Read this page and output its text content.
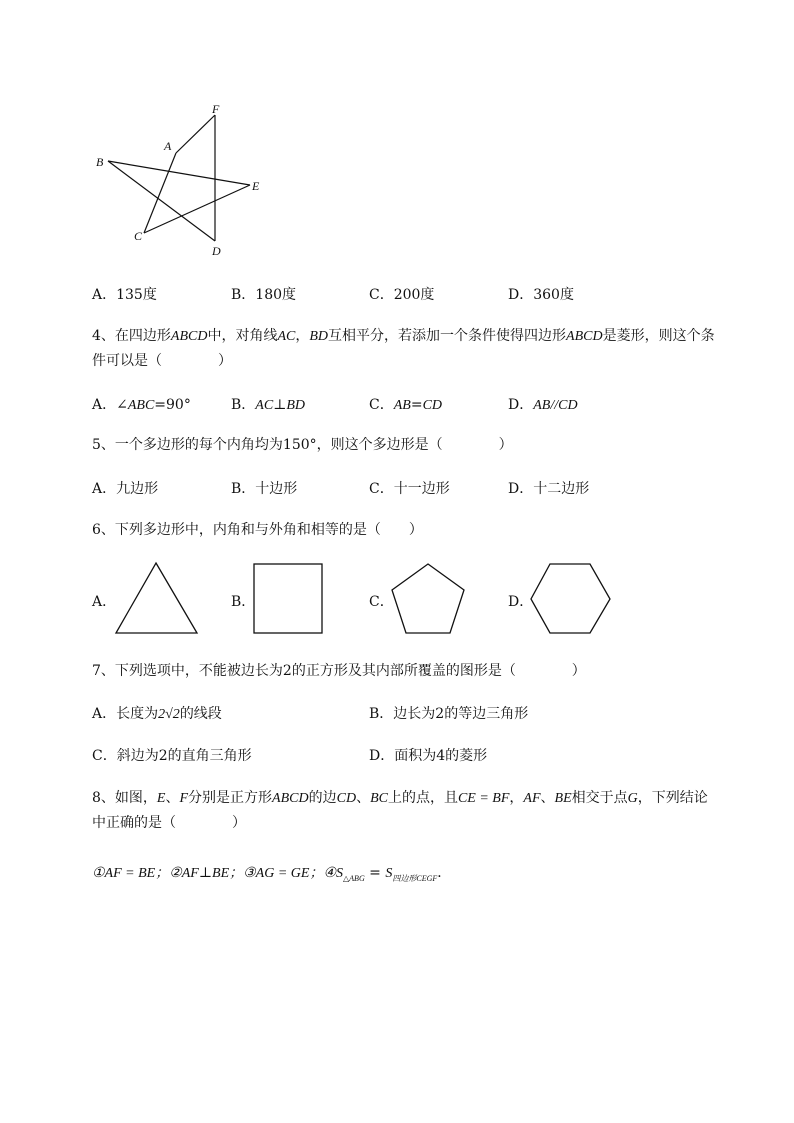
A
B
C
D
E
F
A．135度	B．180度	C．200度	D．360度
4、在四边形ABCD中，对角线AC，BD互相平分，若添加一个条件使得四边形ABCD是菱形，则这个条
件可以是（　　　　）
A．∠ABC=90°	B．AC⊥BD	C．AB=CD	D．AB//CD
5、一个多边形的每个内角均为150°，则这个多边形是（　　　　）
A．九边形	B．十边形	C．十一边形	D．十二边形
6、下列多边形中，内角和与外角和相等的是（　　）
A．	B．	C．	D．
7、下列选项中，不能被边长为2的正方形及其内部所覆盖的图形是（　　　　）
A．长度为2√2的线段	B．边长为2的等边三角形
C．斜边为2的直角三角形	D．面积为4的菱形
8、如图，E、F分别是正方形ABCD的边CD、BC上的点，且CE = BF，AF、BE相交于点G，下列结论
中正确的是（　　　　）
①AF = BE；②AF⊥BE；③AG = GE；$④S_{\triangle ABG} = S_{四边形CEGF}$．
